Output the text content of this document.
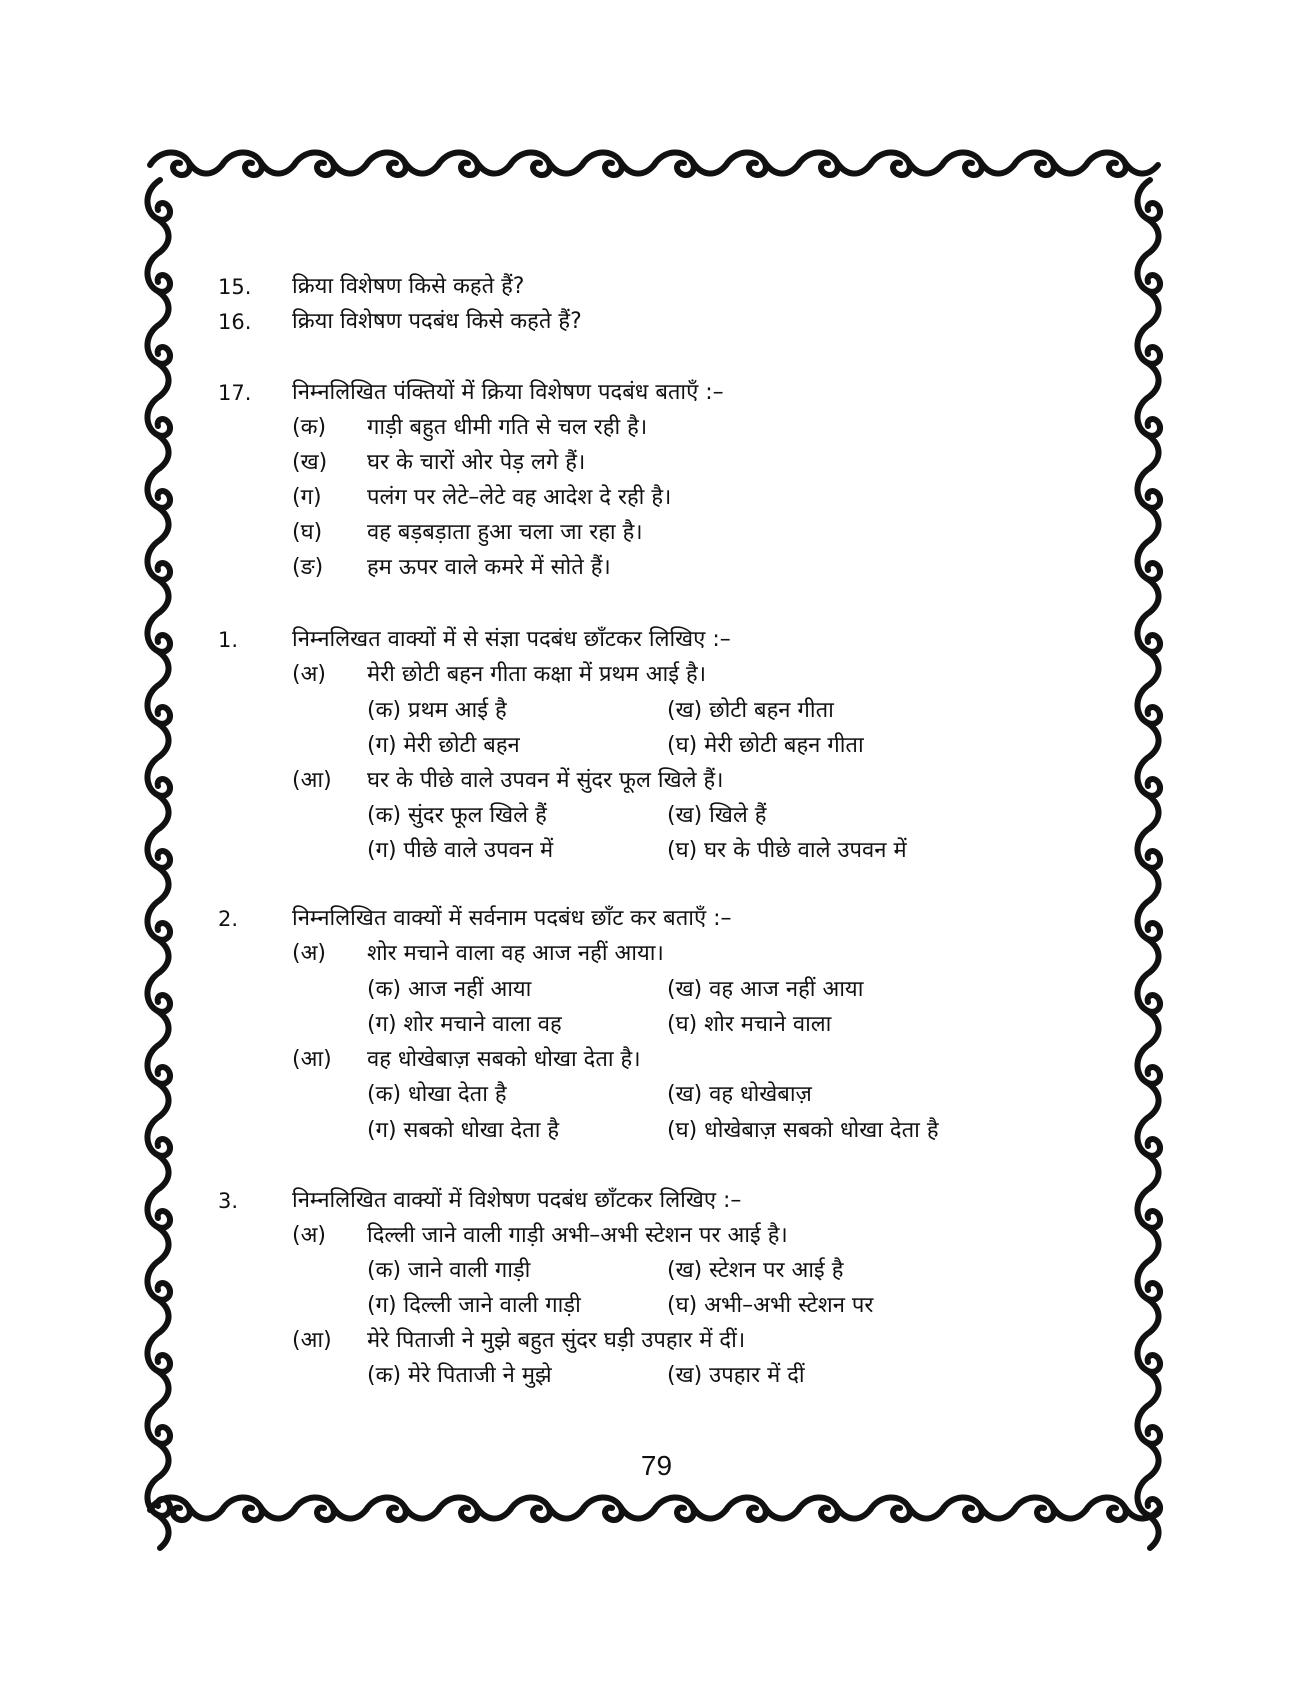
15. क्रिया विशेषण किसे कहते हैं?
16. क्रिया विशेषण पदबंध किसे कहते हैं?
17. निम्नलिखित पंक्तियों में क्रिया विशेषण पदबंध बताएँ :–
(क) गाड़ी बहुत धीमी गति से चल रही है।
(ख) घर के चारों ओर पेड़ लगे हैं।
(ग) पलंग पर लेटे–लेटे वह आदेश दे रही है।
(घ) वह बड़बड़ाता हुआ चला जा रहा है।
(ङ) हम ऊपर वाले कमरे में सोते हैं।
1. निम्नलिखत वाक्यों में से संज्ञा पदबंध छाँटकर लिखिए :–
(अ) मेरी छोटी बहन गीता कक्षा में प्रथम आई है।
(क) प्रथम आई है	(ख) छोटी बहन गीता
(ग) मेरी छोटी बहन	(घ) मेरी छोटी बहन गीता
(आ) घर के पीछे वाले उपवन में सुंदर फूल खिले हैं।
(क) सुंदर फूल खिले हैं	(ख) खिले हैं
(ग) पीछे वाले उपवन में	(घ) घर के पीछे वाले उपवन में
2. निम्नलिखित वाक्यों में सर्वनाम पदबंध छाँट कर बताएँ :–
(अ) शोर मचाने वाला वह आज नहीं आया।
(क) आज नहीं आया	(ख) वह आज नहीं आया
(ग) शोर मचाने वाला वह	(घ) शोर मचाने वाला
(आ) वह धोखेबाज़ सबको धोखा देता है।
(क) धोखा देता है	(ख) वह धोखेबाज़
(ग) सबको धोखा देता है	(घ) धोखेबाज़ सबको धोखा देता है
3. निम्नलिखित वाक्यों में विशेषण पदबंध छाँटकर लिखिए :–
(अ) दिल्ली जाने वाली गाड़ी अभी–अभी स्टेशन पर आई है।
(क) जाने वाली गाड़ी	(ख) स्टेशन पर आई है
(ग) दिल्ली जाने वाली गाड़ी	(घ) अभी–अभी स्टेशन पर
(आ) मेरे पिताजी ने मुझे बहुत सुंदर घड़ी उपहार में दीं।
(क) मेरे पिताजी ने मुझे	(ख) उपहार में दीं
79
